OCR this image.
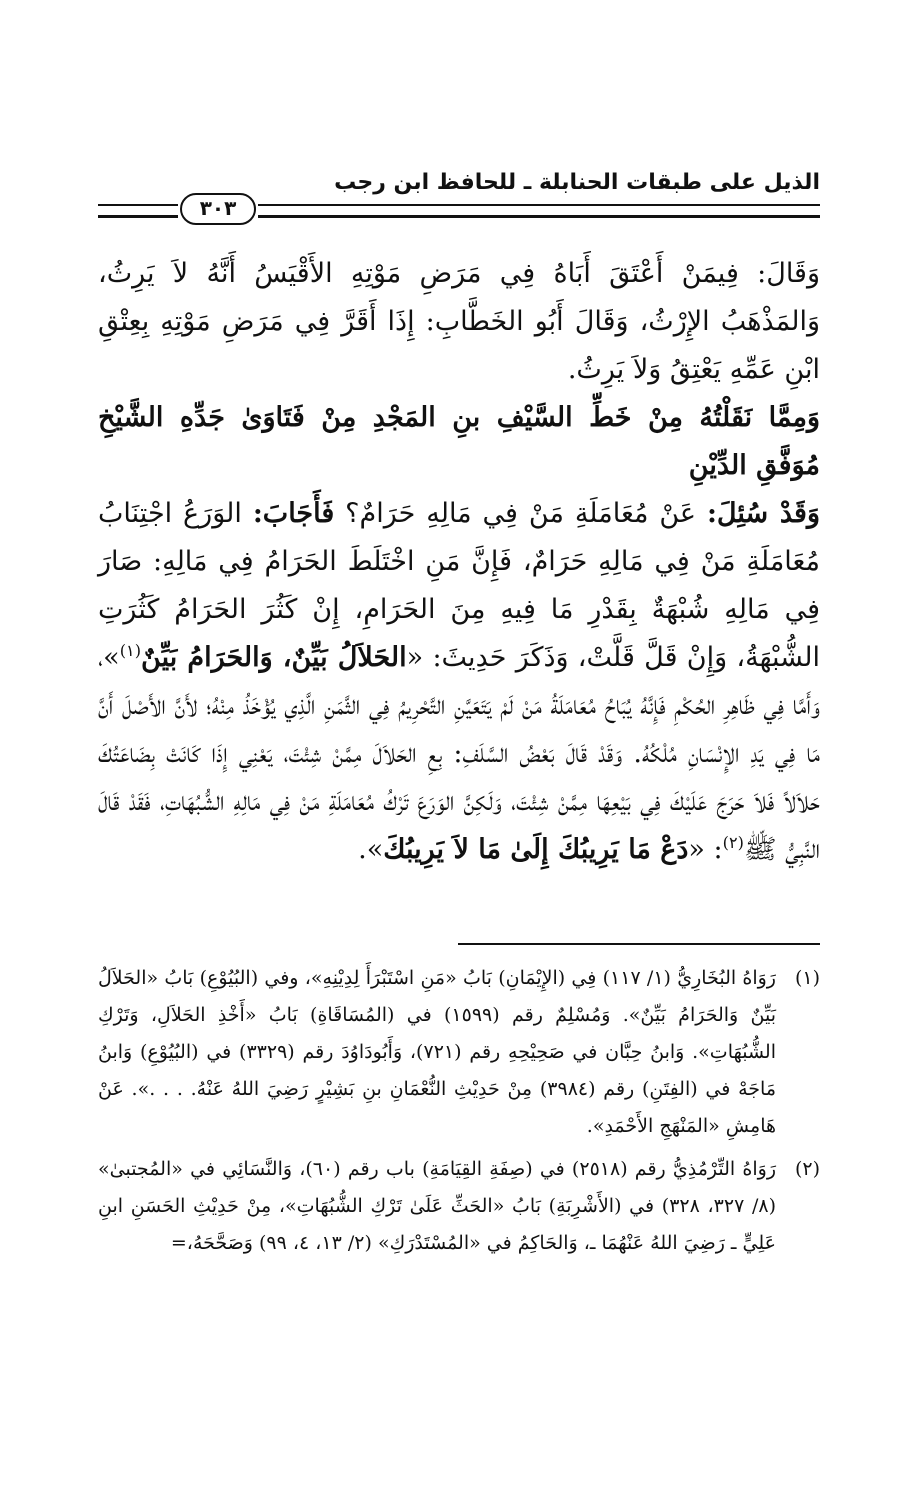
الذيل على طبقات الحنابلة ـ للحافظ ابن رجب
٣٠٣

وَقَالَ: فِيمَنْ أَعْتَقَ أَبَاهُ فِي مَرَضِ مَوْتِهِ الأَقْيَسُ أَنَّهُ لاَ يَرِثُ، وَالمَذْهَبُ الإِرْثُ، وَقَالَ أَبُو الخَطَّابِ: إِذَا أَقَرَّ فِي مَرَضِ مَوْتِهِ بِعِتْقِ ابْنِ عَمِّهِ يَعْتِقُ وَلاَ يَرِثُ.

وَمِمَّا نَقَلْتُهُ مِنْ خَطِّ السَّيْفِ بنِ المَجْدِ مِنْ فَتَاوَىٰ جَدِّهِ الشَّيْخِ مُوَفَّقِ الدِّيْنِ

وَقَدْ سُئِلَ: عَنْ مُعَامَلَةِ مَنْ فِي مَالِهِ حَرَامٌ؟ فَأَجَابَ: الوَرَعُ اجْتِنَابُ مُعَامَلَةِ مَنْ فِي مَالِهِ حَرَامٌ، فَإِنَّ مَنِ اخْتَلَطَ الحَرَامُ فِي مَالِهِ: صَارَ فِي مَالِهِ شُبْهَةٌ بِقَدْرِ مَا فِيهِ مِنَ الحَرَامِ، إِنْ كَثُرَ الحَرَامُ كَثُرَتِ الشُّبْهَةُ، وَإِنْ قَلَّ قَلَّتْ، وَذَكَرَ حَدِيثَ: «الحَلاَلُ بَيِّنٌ، وَالحَرَامُ بَيِّنٌ$^{(١)}$»، وَأَمَّا فِي ظَاهِرِ الحُكْمِ فَإِنَّهُ يُبَاحُ مُعَامَلَةُ مَنْ لَمْ يَتَعَيَّنِ التَّحْرِيمُ فِي الثَّمَنِ الَّذِي يُؤْخَذُ مِنْهُ؛ لأَنَّ الأَصْلَ أَنَّ مَا فِي يَدِ الإِنْسَانِ مُلْكُهُ. وَقَدْ قَالَ بَعْضُ السَّلَفِ: بِعِ الحَلاَلَ مِمَّنْ شِئْتَ، يَعْنِي إِذَا كَانَتْ بِضَاعَتُكَ حَلاَلاً فَلاَ حَرَجَ عَلَيْكَ فِي بَيْعِهَا مِمَّنْ شِئْتَ، وَلَكِنَّ الوَرَعَ تَرْكُ مُعَامَلَةِ مَنْ فِي مَالِهِ الشُّبُهَاتِ، فَقَدْ قَالَ النَّبِيُّ ﷺ$^{(٢)}$: «دَعْ مَا يَرِيبُكَ إِلَىٰ مَا لاَ يَرِيبُكَ».

(١)
رَوَاهُ البُخَارِيُّ (١/ ١١٧) فِي (الإِيْمَانِ) بَابُ «مَنِ اسْتَبْرَأَ لِدِيْنِهِ»، وفي (البُيُوْعِ) بَابُ «الحَلاَلُ بَيِّنٌ وَالحَرَامُ بَيِّنٌ». وَمُسْلِمٌ رقم (١٥٩٩) في (المُسَاقَاةِ) بَابُ «أَخْذِ الحَلاَلِ، وَتَرْكِ الشُّبُهَاتِ». وَابنُ حِبَّان في صَحِيْحِهِ رقم (٧٢١)، وَأَبُودَاوُدَ رقم (٣٣٢٩) في (البُيُوْعِ) وَابنُ مَاجَهْ في (الفِتَنِ) رقم (٣٩٨٤) مِنْ حَدِيْثِ النُّعْمَانِ بنِ بَشِيْرٍ رَضِيَ اللهُ عَنْهُ. . . .». عَنْ هَامِشِ «المَنْهَجِ الأَحْمَدِ».
(٢)
رَوَاهُ التِّرْمُذِيُّ رقم (٢٥١٨) في (صِفَةِ القِيَامَةِ) باب رقم (٦٠)، وَالنَّسَائِي في «المُجتبىٰ» (٨/ ٣٢٧، ٣٢٨) في (الأَشْرِبَةِ) بَابُ «الحَثِّ عَلَىٰ تَرْكِ الشُّبُهَاتِ»، مِنْ حَدِيْثِ الحَسَنِ ابنِ عَلِيٍّ ـ رَضِيَ اللهُ عَنْهُمَا ـ، وَالحَاكِمُ في «المُسْتَدْرَكِ» (٢/ ١٣، ٤، ٩٩) وَصَحَّحَهُ،=
